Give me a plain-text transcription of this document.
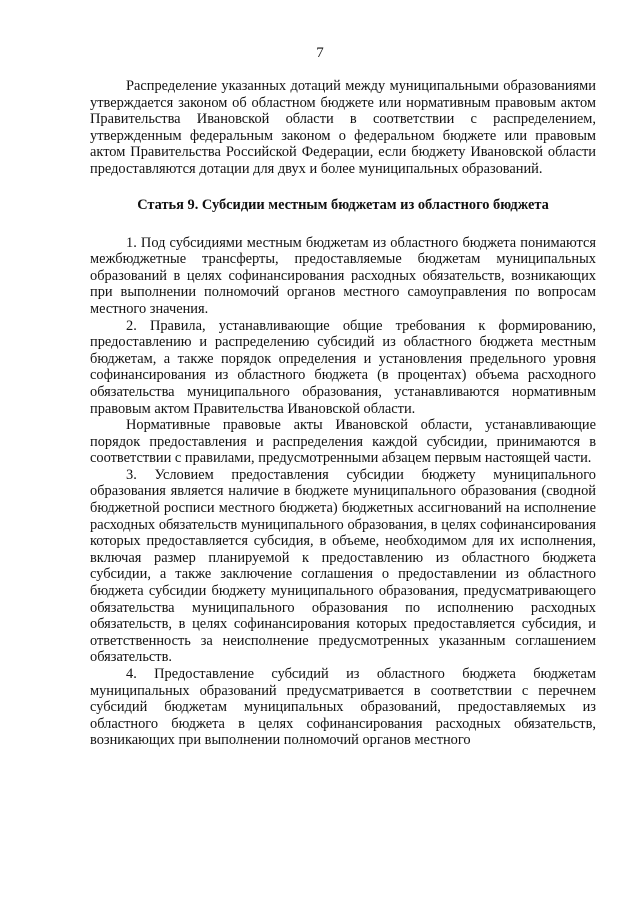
7

Распределение указанных дотаций между муниципальными образованиями утверждается законом об областном бюджете или нормативным правовым актом Правительства Ивановской области в соответствии с распределением, утвержденным федеральным законом о федеральном бюджете или правовым актом Правительства Российской Федерации, если бюджету Ивановской области предоставляются дотации для двух и более муниципальных образований.

Статья 9. Субсидии местным бюджетам из областного бюджета

1. Под субсидиями местным бюджетам из областного бюджета понимаются межбюджетные трансферты, предоставляемые бюджетам муниципальных образований в целях софинансирования расходных обязательств, возникающих при выполнении полномочий органов местного самоуправления по вопросам местного значения.

2. Правила, устанавливающие общие требования к формированию, предоставлению и распределению субсидий из областного бюджета местным бюджетам, а также порядок определения и установления предельного уровня софинансирования из областного бюджета (в процентах) объема расходного обязательства муниципального образования, устанавливаются нормативным правовым актом Правительства Ивановской области.

Нормативные правовые акты Ивановской области, устанавливающие порядок предоставления и распределения каждой субсидии, принимаются в соответствии с правилами, предусмотренными абзацем первым настоящей части.

3. Условием предоставления субсидии бюджету муниципального образования является наличие в бюджете муниципального образования (сводной бюджетной росписи местного бюджета) бюджетных ассигнований на исполнение расходных обязательств муниципального образования, в целях софинансирования которых предоставляется субсидия, в объеме, необходимом для их исполнения, включая размер планируемой к предоставлению из областного бюджета субсидии, а также заключение соглашения о предоставлении из областного бюджета субсидии бюджету муниципального образования, предусматривающего обязательства муниципального образования по исполнению расходных обязательств, в целях софинансирования которых предоставляется субсидия, и ответственность за неисполнение предусмотренных указанным соглашением обязательств.

4. Предоставление субсидий из областного бюджета бюджетам муниципальных образований предусматривается в соответствии с перечнем субсидий бюджетам муниципальных образований, предоставляемых из областного бюджета в целях софинансирования расходных обязательств, возникающих при выполнении полномочий органов местного
